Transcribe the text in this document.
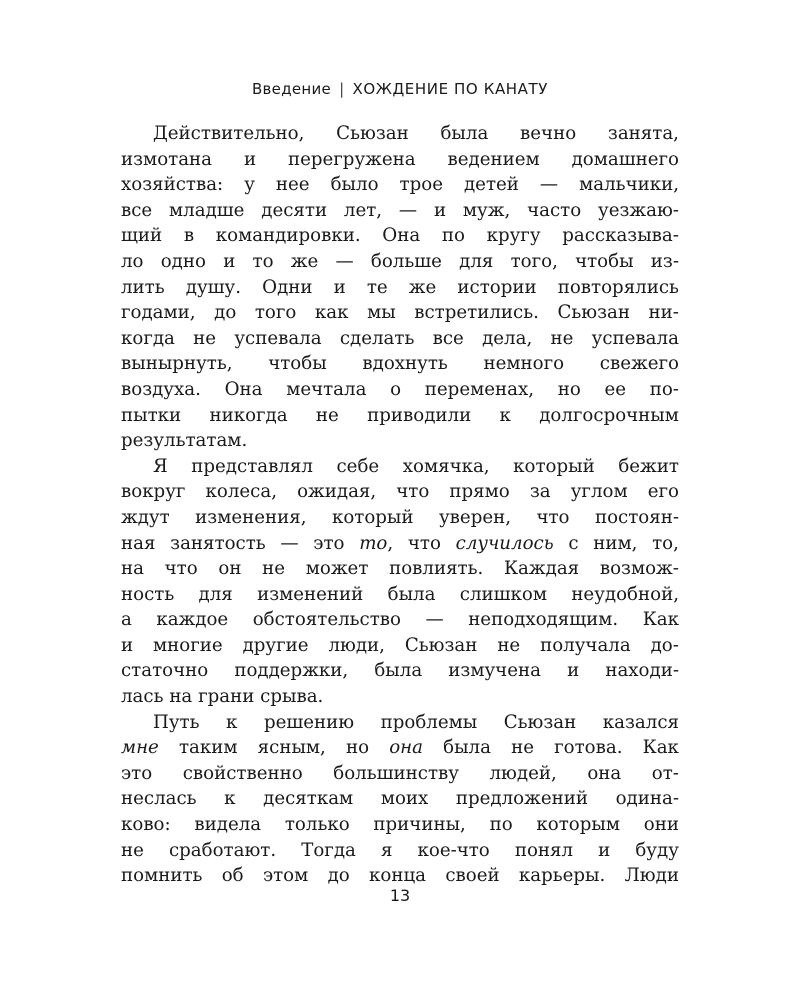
Введение | ХОЖДЕНИЕ ПО КАНАТУ
Действительно, Сьюзан была вечно занята,
измотана и перегружена ведением домашнего
хозяйства: у нее было трое детей — мальчики,
все младше десяти лет, — и муж, часто уезжаю-
щий в командировки. Она по кругу рассказыва-
ло одно и то же — больше для того, чтобы из-
лить душу. Одни и те же истории повторялись
годами, до того как мы встретились. Сьюзан ни-
когда не успевала сделать все дела, не успевала
вынырнуть, чтобы вдохнуть немного свежего
воздуха. Она мечтала о переменах, но ее по-
пытки никогда не приводили к долгосрочным
результатам.
Я представлял себе хомячка, который бежит
вокруг колеса, ожидая, что прямо за углом его
ждут изменения, который уверен, что постоян-
ная занятость — это то, что случилось с ним, то,
на что он не может повлиять. Каждая возмож-
ность для изменений была слишком неудобной,
а каждое обстоятельство — неподходящим. Как
и многие другие люди, Сьюзан не получала до-
статочно поддержки, была измучена и находи-
лась на грани срыва.
Путь к решению проблемы Сьюзан казался
мне таким ясным, но она была не готова. Как
это свойственно большинству людей, она от-
неслась к десяткам моих предложений одина-
ково: видела только причины, по которым они
не сработают. Тогда я кое-что понял и буду
помнить об этом до конца своей карьеры. Люди
13
